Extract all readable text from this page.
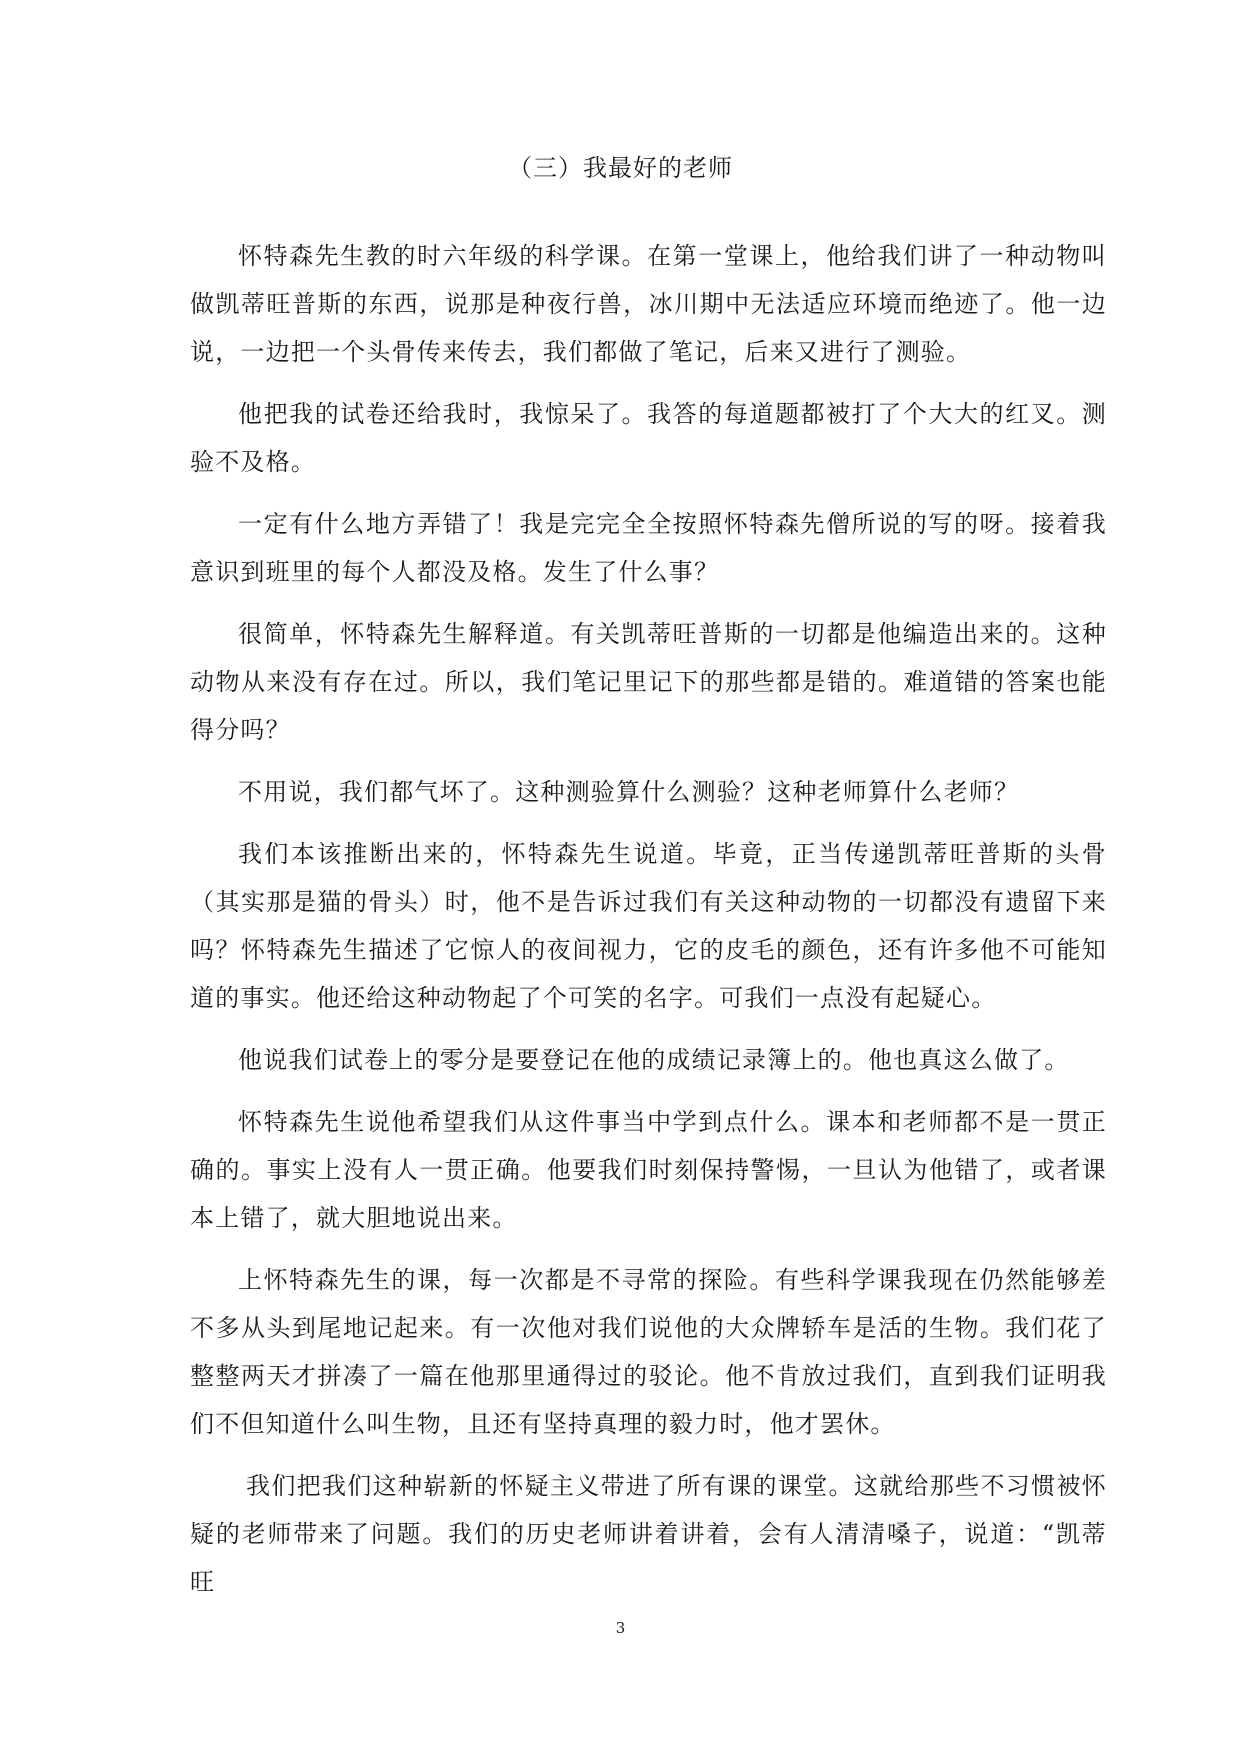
（三）我最好的老师

怀特森先生教的时六年级的科学课。在第一堂课上，他给我们讲了一种动物叫做凯蒂旺普斯的东西，说那是种夜行兽，冰川期中无法适应环境而绝迹了。他一边说，一边把一个头骨传来传去，我们都做了笔记，后来又进行了测验。

他把我的试卷还给我时，我惊呆了。我答的每道题都被打了个大大的红叉。测验不及格。

一定有什么地方弄错了！我是完完全全按照怀特森先僧所说的写的呀。接着我意识到班里的每个人都没及格。发生了什么事？

很简单，怀特森先生解释道。有关凯蒂旺普斯的一切都是他编造出来的。这种动物从来没有存在过。所以，我们笔记里记下的那些都是错的。难道错的答案也能得分吗？

不用说，我们都气坏了。这种测验算什么测验？这种老师算什么老师？

我们本该推断出来的，怀特森先生说道。毕竟，正当传递凯蒂旺普斯的头骨（其实那是猫的骨头）时，他不是告诉过我们有关这种动物的一切都没有遗留下来吗？怀特森先生描述了它惊人的夜间视力，它的皮毛的颜色，还有许多他不可能知道的事实。他还给这种动物起了个可笑的名字。可我们一点没有起疑心。

他说我们试卷上的零分是要登记在他的成绩记录簿上的。他也真这么做了。

怀特森先生说他希望我们从这件事当中学到点什么。课本和老师都不是一贯正确的。事实上没有人一贯正确。他要我们时刻保持警惕，一旦认为他错了，或者课本上错了，就大胆地说出来。

上怀特森先生的课，每一次都是不寻常的探险。有些科学课我现在仍然能够差不多从头到尾地记起来。有一次他对我们说他的大众牌轿车是活的生物。我们花了整整两天才拼凑了一篇在他那里通得过的驳论。他不肯放过我们，直到我们证明我们不但知道什么叫生物，且还有坚持真理的毅力时，他才罢休。

我们把我们这种崭新的怀疑主义带进了所有课的课堂。这就给那些不习惯被怀疑的老师带来了问题。我们的历史老师讲着讲着，会有人清清嗓子，说道：“凯蒂旺

3
